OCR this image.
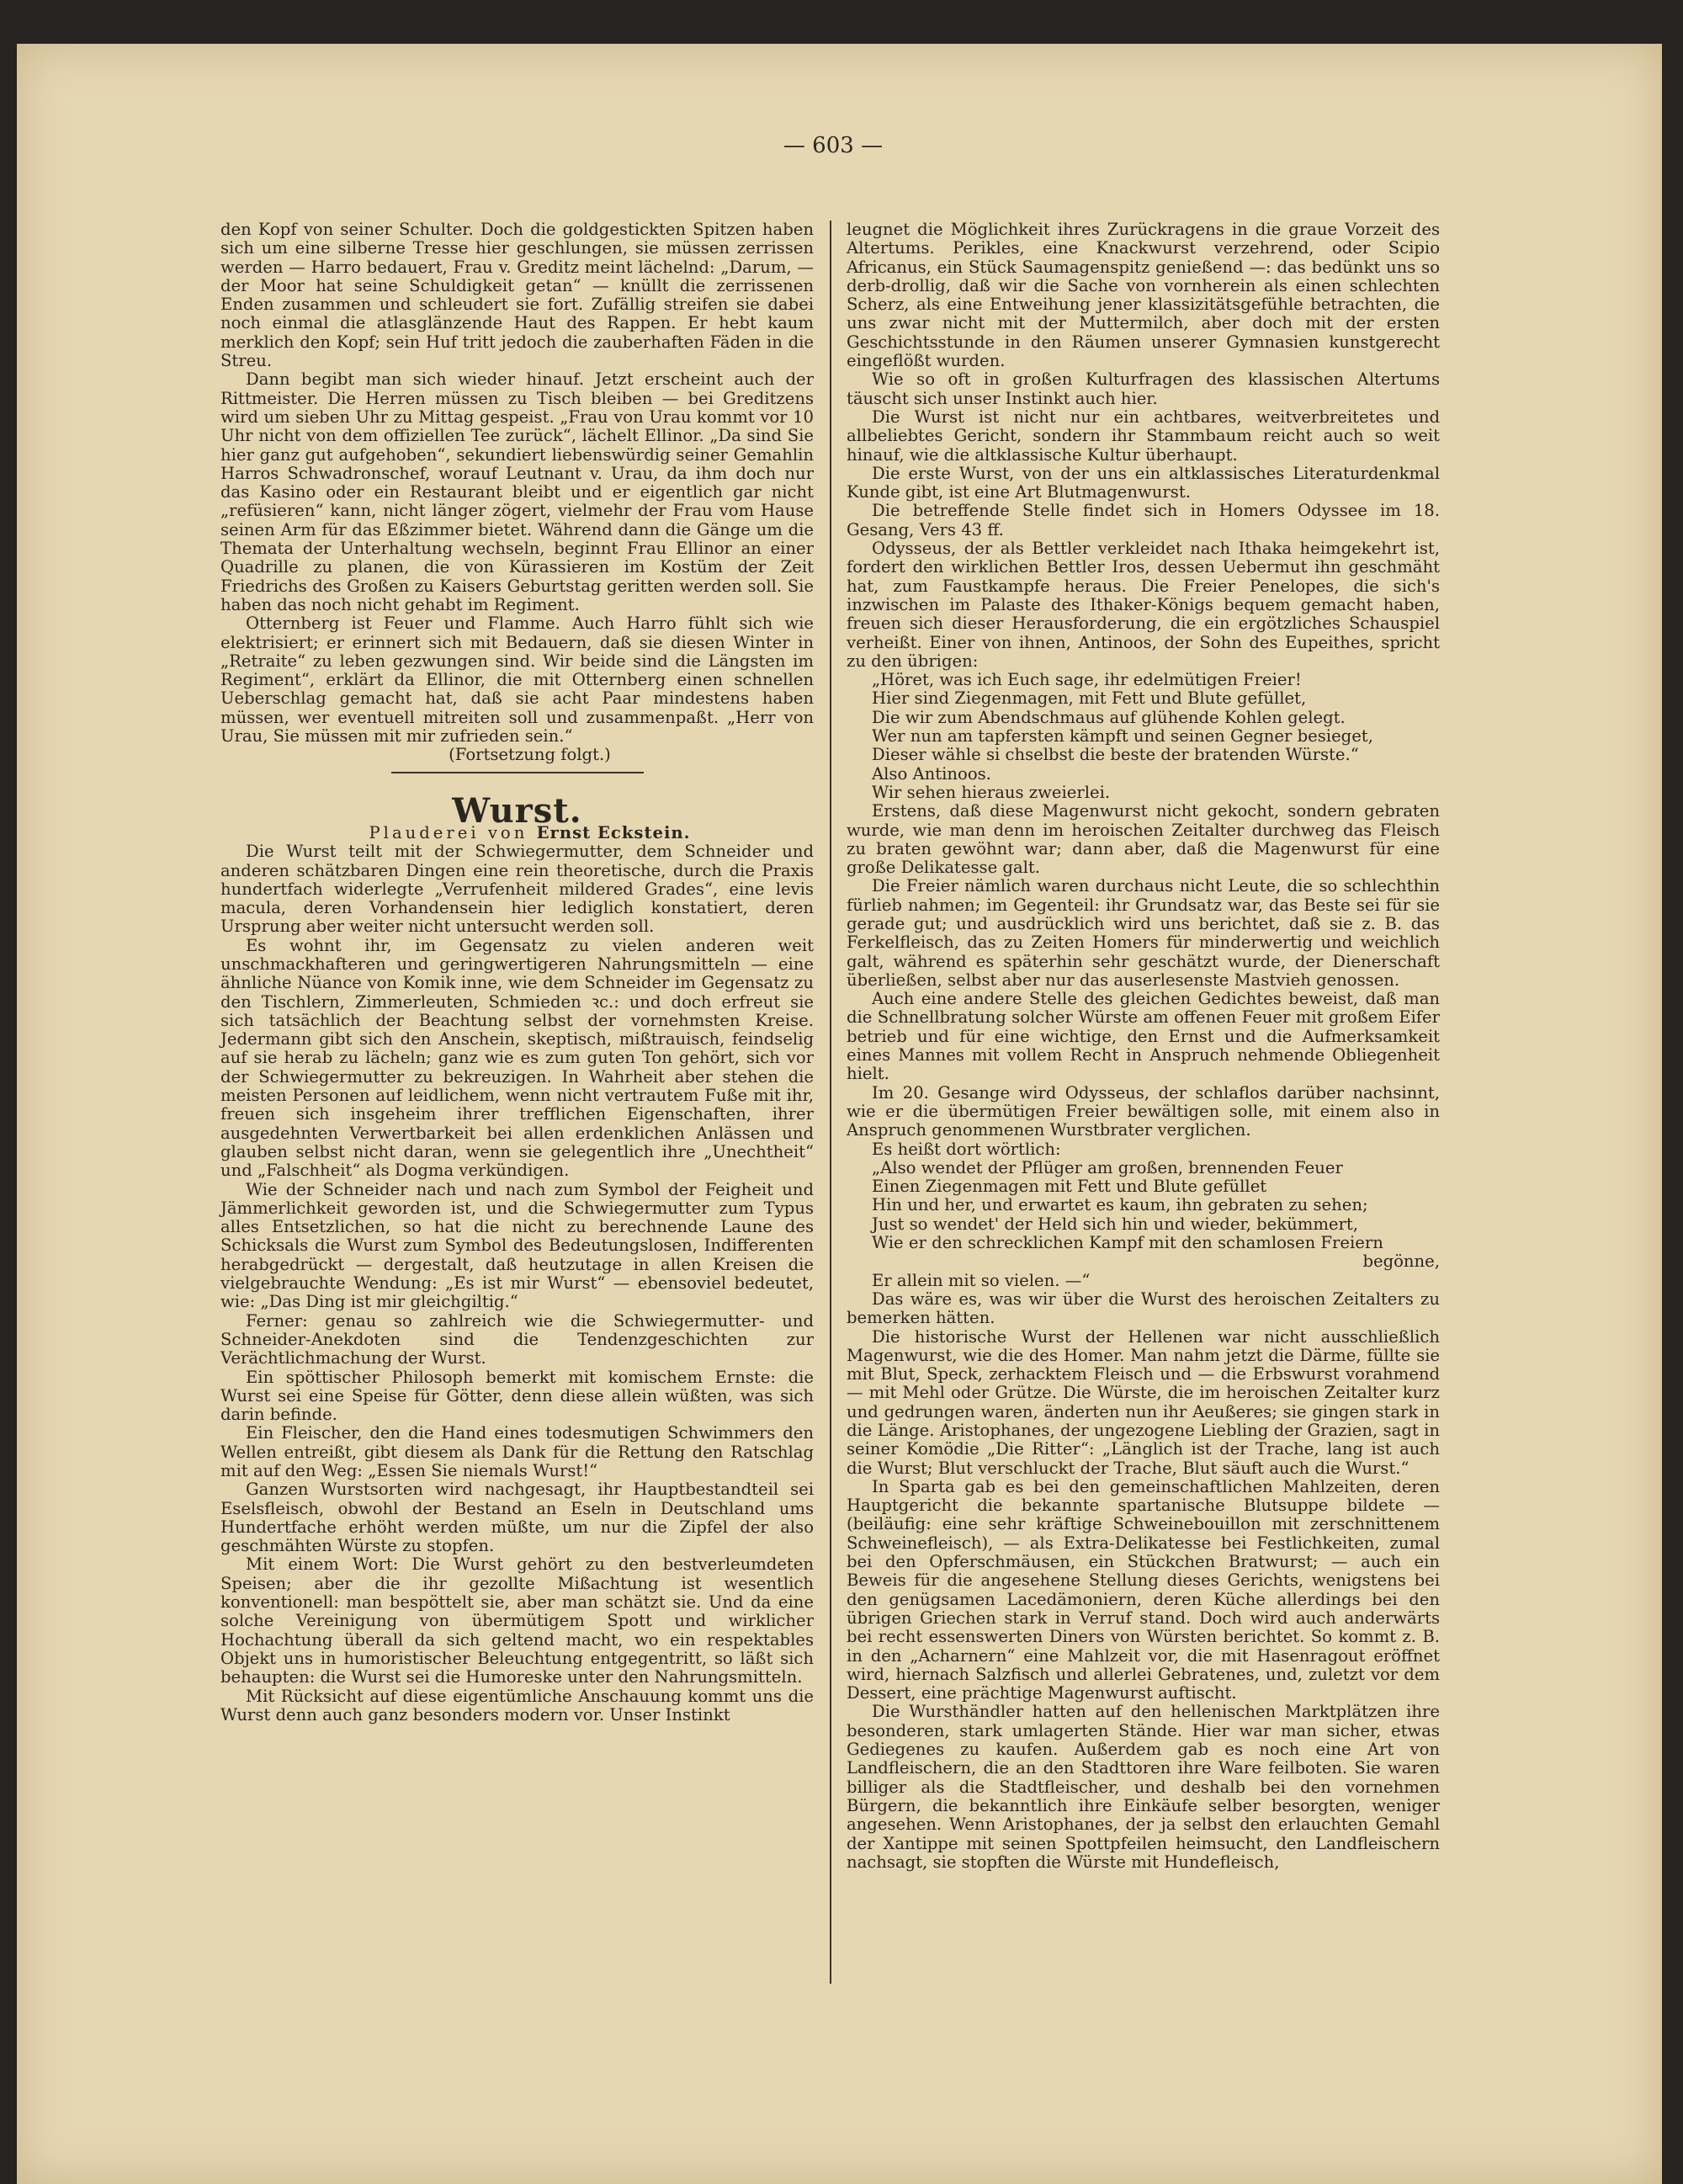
— 603 —

den Kopf von seiner Schulter. Doch die goldgestickten Spitzen haben sich um eine silberne Tresse hier geschlungen, sie müssen zerrissen werden — Harro bedauert, Frau v. Greditz meint lächelnd: „Darum, — der Moor hat seine Schuldigkeit getan“ — knüllt die zerrissenen Enden zusammen und schleudert sie fort. Zufällig streifen sie dabei noch einmal die atlasglänzende Haut des Rappen. Er hebt kaum merklich den Kopf; sein Huf tritt jedoch die zauberhaften Fäden in die Streu.

Dann begibt man sich wieder hinauf. Jetzt erscheint auch der Rittmeister. Die Herren müssen zu Tisch bleiben — bei Greditzens wird um sieben Uhr zu Mittag gespeist. „Frau von Urau kommt vor 10 Uhr nicht von dem offiziellen Tee zurück“, lächelt Ellinor. „Da sind Sie hier ganz gut aufgehoben“, sekundiert liebenswürdig seiner Gemahlin Harros Schwadronschef, worauf Leutnant v. Urau, da ihm doch nur das Kasino oder ein Restaurant bleibt und er eigentlich gar nicht „refüsieren“ kann, nicht länger zögert, vielmehr der Frau vom Hause seinen Arm für das Eßzimmer bietet. Während dann die Gänge um die Themata der Unterhaltung wechseln, beginnt Frau Ellinor an einer Quadrille zu planen, die von Kürassieren im Kostüm der Zeit Friedrichs des Großen zu Kaisers Geburtstag geritten werden soll. Sie haben das noch nicht gehabt im Regiment.

Otternberg ist Feuer und Flamme. Auch Harro fühlt sich wie elektrisiert; er erinnert sich mit Bedauern, daß sie diesen Winter in „Retraite“ zu leben gezwungen sind. Wir beide sind die Längsten im Regiment“, erklärt da Ellinor, die mit Otternberg einen schnellen Ueberschlag gemacht hat, daß sie acht Paar mindestens haben müssen, wer eventuell mitreiten soll und zusammenpaßt. „Herr von Urau, Sie müssen mit mir zufrieden sein.“

(Fortsetzung folgt.)

Wurst.

Plauderei von Ernst Eckstein.

Die Wurst teilt mit der Schwiegermutter, dem Schneider und anderen schätzbaren Dingen eine rein theoretische, durch die Praxis hundertfach widerlegte „Verrufenheit mildered Grades“, eine levis macula, deren Vorhandensein hier lediglich konstatiert, deren Ursprung aber weiter nicht untersucht werden soll.

Es wohnt ihr, im Gegensatz zu vielen anderen weit unschmackhafteren und geringwertigeren Nahrungsmitteln — eine ähnliche Nüance von Komik inne, wie dem Schneider im Gegensatz zu den Tischlern, Zimmerleuten, Schmieden ꝛc.: und doch erfreut sie sich tatsächlich der Beachtung selbst der vornehmsten Kreise. Jedermann gibt sich den Anschein, skeptisch, mißtrauisch, feindselig auf sie herab zu lächeln; ganz wie es zum guten Ton gehört, sich vor der Schwiegermutter zu bekreuzigen. In Wahrheit aber stehen die meisten Personen auf leidlichem, wenn nicht vertrautem Fuße mit ihr, freuen sich insgeheim ihrer trefflichen Eigenschaften, ihrer ausgedehnten Verwertbarkeit bei allen erdenklichen Anlässen und glauben selbst nicht daran, wenn sie gelegentlich ihre „Unechtheit“ und „Falschheit“ als Dogma verkündigen.

Wie der Schneider nach und nach zum Symbol der Feigheit und Jämmerlichkeit geworden ist, und die Schwiegermutter zum Typus alles Entsetzlichen, so hat die nicht zu berechnende Laune des Schicksals die Wurst zum Symbol des Bedeutungslosen, Indifferenten herabgedrückt — dergestalt, daß heutzutage in allen Kreisen die vielgebrauchte Wendung: „Es ist mir Wurst“ — ebensoviel bedeutet, wie: „Das Ding ist mir gleichgiltig.“

Ferner: genau so zahlreich wie die Schwiegermutter- und Schneider-Anekdoten sind die Tendenzgeschichten zur Verächtlichmachung der Wurst.

Ein spöttischer Philosoph bemerkt mit komischem Ernste: die Wurst sei eine Speise für Götter, denn diese allein wüßten, was sich darin befinde.

Ein Fleischer, den die Hand eines todesmutigen Schwimmers den Wellen entreißt, gibt diesem als Dank für die Rettung den Ratschlag mit auf den Weg: „Essen Sie niemals Wurst!“

Ganzen Wurstsorten wird nachgesagt, ihr Hauptbestandteil sei Eselsfleisch, obwohl der Bestand an Eseln in Deutschland ums Hundertfache erhöht werden müßte, um nur die Zipfel der also geschmähten Würste zu stopfen.

Mit einem Wort: Die Wurst gehört zu den bestverleumdeten Speisen; aber die ihr gezollte Mißachtung ist wesentlich konventionell: man bespöttelt sie, aber man schätzt sie. Und da eine solche Vereinigung von übermütigem Spott und wirklicher Hochachtung überall da sich geltend macht, wo ein respektables Objekt uns in humoristischer Beleuchtung entgegentritt, so läßt sich behaupten: die Wurst sei die Humoreske unter den Nahrungsmitteln.

Mit Rücksicht auf diese eigentümliche Anschauung kommt uns die Wurst denn auch ganz besonders modern vor. Unser Instinkt

leugnet die Möglichkeit ihres Zurückragens in die graue Vorzeit des Altertums. Perikles, eine Knackwurst verzehrend, oder Scipio Africanus, ein Stück Saumagenspitz genießend —: das bedünkt uns so derb-drollig, daß wir die Sache von vornherein als einen schlechten Scherz, als eine Entweihung jener klassizitätsgefühle betrachten, die uns zwar nicht mit der Muttermilch, aber doch mit der ersten Geschichtsstunde in den Räumen unserer Gymnasien kunstgerecht eingeflößt wurden.

Wie so oft in großen Kulturfragen des klassischen Altertums täuscht sich unser Instinkt auch hier.

Die Wurst ist nicht nur ein achtbares, weitverbreitetes und allbeliebtes Gericht, sondern ihr Stammbaum reicht auch so weit hinauf, wie die altklassische Kultur überhaupt.

Die erste Wurst, von der uns ein altklassisches Literaturdenkmal Kunde gibt, ist eine Art Blutmagenwurst.

Die betreffende Stelle findet sich in Homers Odyssee im 18. Gesang, Vers 43 ff.

Odysseus, der als Bettler verkleidet nach Ithaka heimgekehrt ist, fordert den wirklichen Bettler Iros, dessen Uebermut ihn geschmäht hat, zum Faustkampfe heraus. Die Freier Penelopes, die sich's inzwischen im Palaste des Ithaker-Königs bequem gemacht haben, freuen sich dieser Herausforderung, die ein ergötzliches Schauspiel verheißt. Einer von ihnen, Antinoos, der Sohn des Eupeithes, spricht zu den übrigen:

„Höret, was ich Euch sage, ihr edelmütigen Freier!
Hier sind Ziegenmagen, mit Fett und Blute gefüllet,
Die wir zum Abendschmaus auf glühende Kohlen gelegt.
Wer nun am tapfersten kämpft und seinen Gegner besieget,
Dieser wähle si chselbst die beste der bratenden Würste.“

Also Antinoos.

Wir sehen hieraus zweierlei.

Erstens, daß diese Magenwurst nicht gekocht, sondern gebraten wurde, wie man denn im heroischen Zeitalter durchweg das Fleisch zu braten gewöhnt war; dann aber, daß die Magenwurst für eine große Delikatesse galt.

Die Freier nämlich waren durchaus nicht Leute, die so schlechthin fürlieb nahmen; im Gegenteil: ihr Grundsatz war, das Beste sei für sie gerade gut; und ausdrücklich wird uns berichtet, daß sie z. B. das Ferkelfleisch, das zu Zeiten Homers für minderwertig und weichlich galt, während es späterhin sehr geschätzt wurde, der Dienerschaft überließen, selbst aber nur das auserlesenste Mastvieh genossen.

Auch eine andere Stelle des gleichen Gedichtes beweist, daß man die Schnellbratung solcher Würste am offenen Feuer mit großem Eifer betrieb und für eine wichtige, den Ernst und die Aufmerksamkeit eines Mannes mit vollem Recht in Anspruch nehmende Obliegenheit hielt.

Im 20. Gesange wird Odysseus, der schlaflos darüber nachsinnt, wie er die übermütigen Freier bewältigen solle, mit einem also in Anspruch genommenen Wurstbrater verglichen.

Es heißt dort wörtlich:

„Also wendet der Pflüger am großen, brennenden Feuer
Einen Ziegenmagen mit Fett und Blute gefüllet
Hin und her, und erwartet es kaum, ihn gebraten zu sehen;
Just so wendet' der Held sich hin und wieder, bekümmert,
Wie er den schrecklichen Kampf mit den schamlosen Freiern
begönne,
Er allein mit so vielen. —“

Das wäre es, was wir über die Wurst des heroischen Zeitalters zu bemerken hätten.

Die historische Wurst der Hellenen war nicht ausschließlich Magenwurst, wie die des Homer. Man nahm jetzt die Därme, füllte sie mit Blut, Speck, zerhacktem Fleisch und — die Erbswurst vorahmend — mit Mehl oder Grütze. Die Würste, die im heroischen Zeitalter kurz und gedrungen waren, änderten nun ihr Aeußeres; sie gingen stark in die Länge. Aristophanes, der ungezogene Liebling der Grazien, sagt in seiner Komödie „Die Ritter“: „Länglich ist der Trache, lang ist auch die Wurst; Blut verschluckt der Trache, Blut säuft auch die Wurst.“

In Sparta gab es bei den gemeinschaftlichen Mahlzeiten, deren Hauptgericht die bekannte spartanische Blutsuppe bildete — (beiläufig: eine sehr kräftige Schweinebouillon mit zerschnittenem Schweinefleisch), — als Extra-Delikatesse bei Festlichkeiten, zumal bei den Opferschmäusen, ein Stückchen Bratwurst; — auch ein Beweis für die angesehene Stellung dieses Gerichts, wenigstens bei den genügsamen Lacedämoniern, deren Küche allerdings bei den übrigen Griechen stark in Verruf stand. Doch wird auch anderwärts bei recht essenswerten Diners von Würsten berichtet. So kommt z. B. in den „Acharnern“ eine Mahlzeit vor, die mit Hasenragout eröffnet wird, hiernach Salzfisch und allerlei Gebratenes, und, zuletzt vor dem Dessert, eine prächtige Magenwurst auftischt.

Die Wursthändler hatten auf den hellenischen Marktplätzen ihre besonderen, stark umlagerten Stände. Hier war man sicher, etwas Gediegenes zu kaufen. Außerdem gab es noch eine Art von Landfleischern, die an den Stadttoren ihre Ware feilboten. Sie waren billiger als die Stadtfleischer, und deshalb bei den vornehmen Bürgern, die bekanntlich ihre Einkäufe selber besorgten, weniger angesehen. Wenn Aristophanes, der ja selbst den erlauchten Gemahl der Xantippe mit seinen Spottpfeilen heimsucht, den Landfleischern nachsagt, sie stopften die Würste mit Hundefleisch,
